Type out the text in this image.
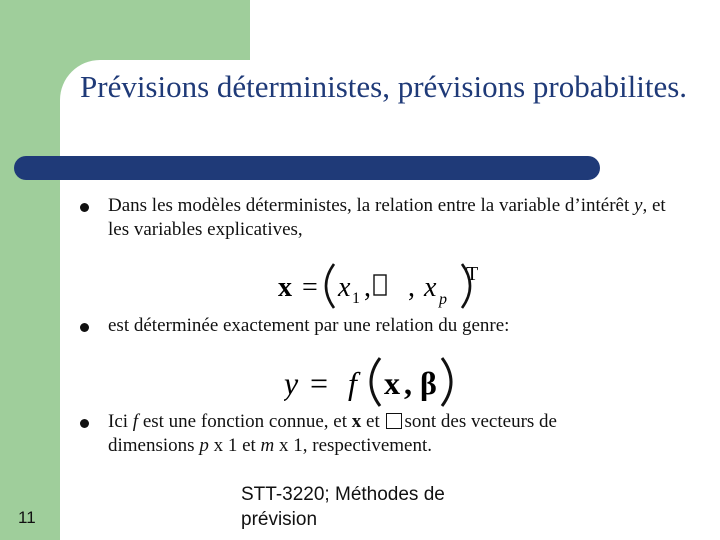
Prévisions déterministes, prévisions probabilites.
Dans les modèles déterministes, la relation entre la variable d’intérêt y, et les variables explicatives,
x = x 1 , , x p
T
est déterminée exactement par une relation du genre:
y = f x , β
Ici f est une fonction connue, et x et sont des vecteurs de
dimensions p x 1 et m x 1, respectivement.
11
STT-3220; Méthodes de prévision
